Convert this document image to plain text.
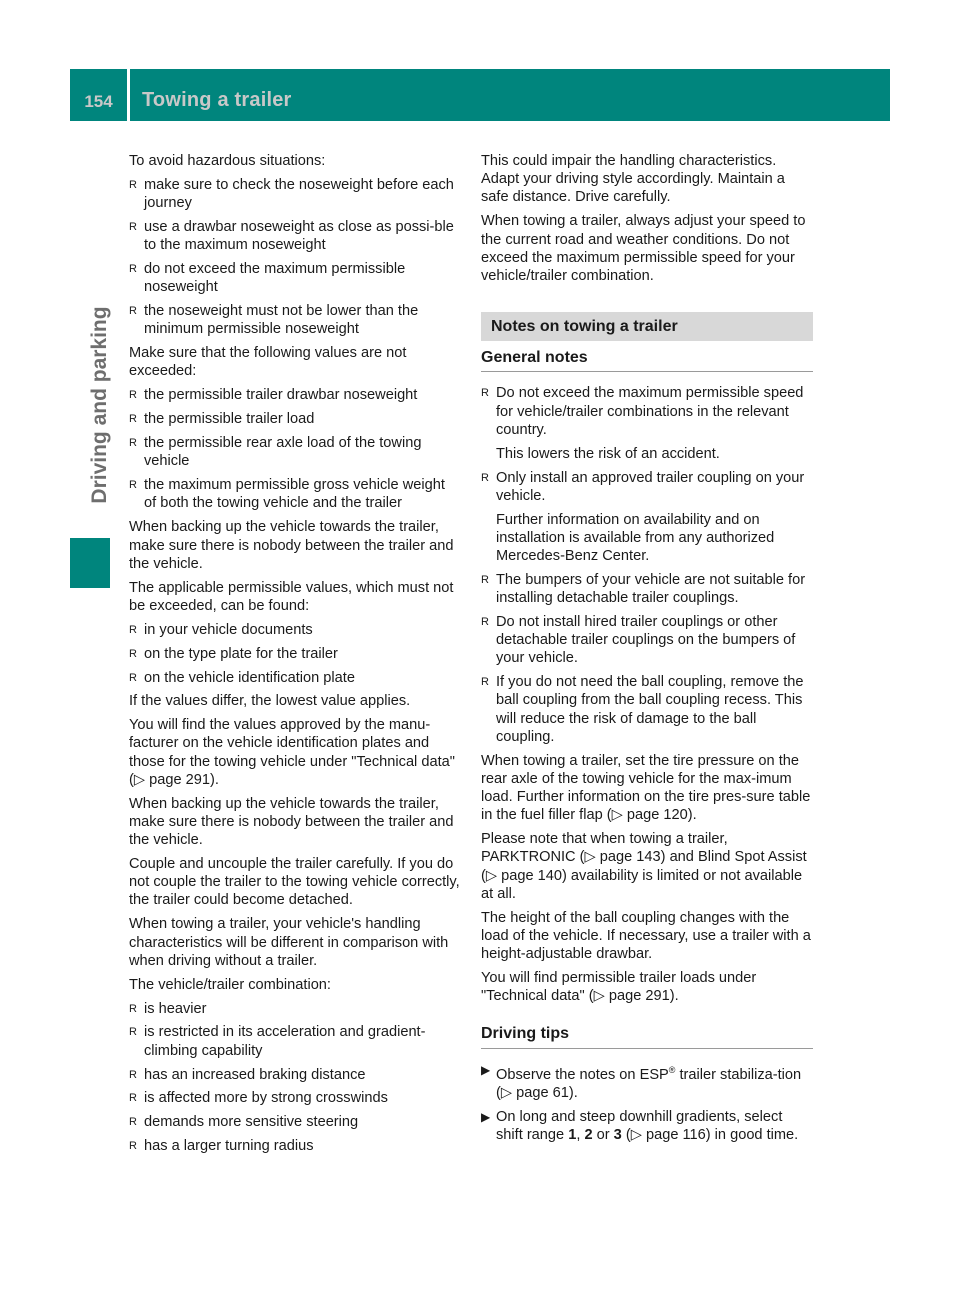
154	Towing a trailer
Driving and parking

To avoid hazardous situations:

R make sure to check the noseweight before each journey
R use a drawbar noseweight as close as possi-ble to the maximum noseweight
R do not exceed the maximum permissible noseweight
R the noseweight must not be lower than the minimum permissible noseweight

Make sure that the following values are not exceeded:

R the permissible trailer drawbar noseweight
R the permissible trailer load
R the permissible rear axle load of the towing vehicle
R the maximum permissible gross vehicle weight of both the towing vehicle and the trailer

When backing up the vehicle towards the trailer, make sure there is nobody between the trailer and the vehicle.

The applicable permissible values, which must not be exceeded, can be found:

R in your vehicle documents
R on the type plate for the trailer
R on the vehicle identification plate

If the values differ, the lowest value applies.

You will find the values approved by the manu-facturer on the vehicle identification plates and those for the towing vehicle under "Technical data" (▷ page 291).

When backing up the vehicle towards the trailer, make sure there is nobody between the trailer and the vehicle.

Couple and uncouple the trailer carefully. If you do not couple the trailer to the towing vehicle correctly, the trailer could become detached.

When towing a trailer, your vehicle's handling characteristics will be different in comparison with when driving without a trailer.

The vehicle/trailer combination:

R is heavier
R is restricted in its acceleration and gradient-climbing capability
R has an increased braking distance
R is affected more by strong crosswinds
R demands more sensitive steering
R has a larger turning radius

This could impair the handling characteristics. Adapt your driving style accordingly. Maintain a safe distance. Drive carefully.

When towing a trailer, always adjust your speed to the current road and weather conditions. Do not exceed the maximum permissible speed for your vehicle/trailer combination.

Notes on towing a trailer
General notes
R Do not exceed the maximum permissible speed for vehicle/trailer combinations in the relevant country.
This lowers the risk of an accident.
R Only install an approved trailer coupling on your vehicle.
Further information on availability and on installation is available from any authorized Mercedes-Benz Center.
R The bumpers of your vehicle are not suitable for installing detachable trailer couplings.
R Do not install hired trailer couplings or other detachable trailer couplings on the bumpers of your vehicle.
R If you do not need the ball coupling, remove the ball coupling from the ball coupling recess. This will reduce the risk of damage to the ball coupling.

When towing a trailer, set the tire pressure on the rear axle of the towing vehicle for the max-imum load. Further information on the tire pres-sure table in the fuel filler flap (▷ page 120).

Please note that when towing a trailer, PARKTRONIC (▷ page 143) and Blind Spot Assist (▷ page 140) availability is limited or not available at all.

The height of the ball coupling changes with the load of the vehicle. If necessary, use a trailer with a height-adjustable drawbar.

You will find permissible trailer loads under "Technical data" (▷ page 291).

Driving tips
▶ Observe the notes on ESP® trailer stabiliza-tion (▷ page 61).
▶ On long and steep downhill gradients, select shift range 1, 2 or 3 (▷ page 116) in good time.
